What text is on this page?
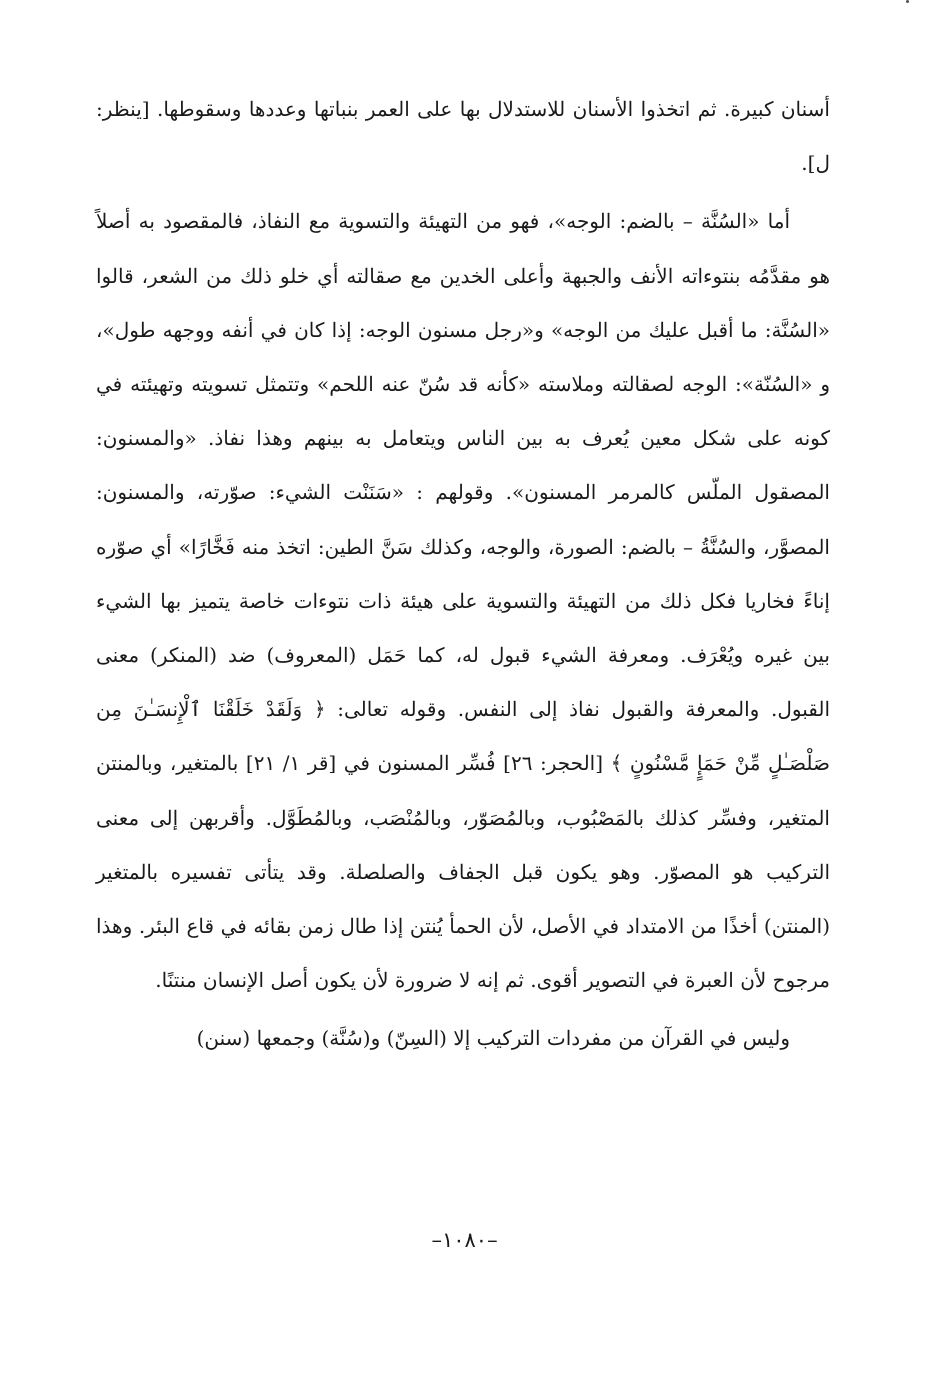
أسنان كبيرة. ثم اتخذوا الأسنان للاستدلال بها على العمر بنباتها وعددها وسقوطها. [ينظر: ل].

أما «السُنَّة – بالضم: الوجه»، فهو من التهيئة والتسوية مع النفاذ، فالمقصود به أصلاً هو مقدَّمُه بنتوءاته الأنف والجبهة وأعلى الخدين مع صقالته أي خلو ذلك من الشعر، قالوا «السُنَّة: ما أقبل عليك من الوجه» و«رجل مسنون الوجه: إذا كان في أنفه ووجهه طول»، و «السُنّة»: الوجه لصقالته وملاسته «كأنه قد سُنّ عنه اللحم» وتتمثل تسويته وتهيئته في كونه على شكل معين يُعرف به بين الناس ويتعامل به بينهم وهذا نفاذ. «والمسنون: المصقول الملّس كالمرمر المسنون». وقولهم : «سَنَنْت الشيء: صوّرته، والمسنون: المصوَّر، والسُنَّةُ – بالضم: الصورة، والوجه، وكذلك سَنَّ الطين: اتخذ منه فَخَّارًا» أي صوّره إناءً فخاريا فكل ذلك من التهيئة والتسوية على هيئة ذات نتوءات خاصة يتميز بها الشيء بين غيره ويُعْرَف. ومعرفة الشيء قبول له، كما حَمَل (المعروف) ضد (المنكر) معنى القبول. والمعرفة والقبول نفاذ إلى النفس. وقوله تعالى: ﴿ وَلَقَدْ خَلَقْنَا ٱلْإِنسَـٰنَ مِن صَلْصَـٰلٍ مِّنْ حَمَإٍ مَّسْنُونٍ ﴾ [الحجر: ٢٦] فُسِّر المسنون في [قر ١/ ٢١] بالمتغير، وبالمنتن المتغير، وفسِّر كذلك بالمَصْبُوب، وبالمُصَوّر، وبالمُنْصَب، وبالمُطَوَّل. وأقربهن إلى معنى التركيب هو المصوّر. وهو يكون قبل الجفاف والصلصلة. وقد يتأتى تفسيره بالمتغير (المنتن) أخذًا من الامتداد في الأصل، لأن الحمأ يُنتن إذا طال زمن بقائه في قاع البئر. وهذا مرجوح لأن العبرة في التصوير أقوى. ثم إنه لا ضرورة لأن يكون أصل الإنسان منتنًا.

وليس في القرآن من مفردات التركيب إلا (السِنّ) و(سُنَّة) وجمعها (سنن)

–١٠٨٠–
